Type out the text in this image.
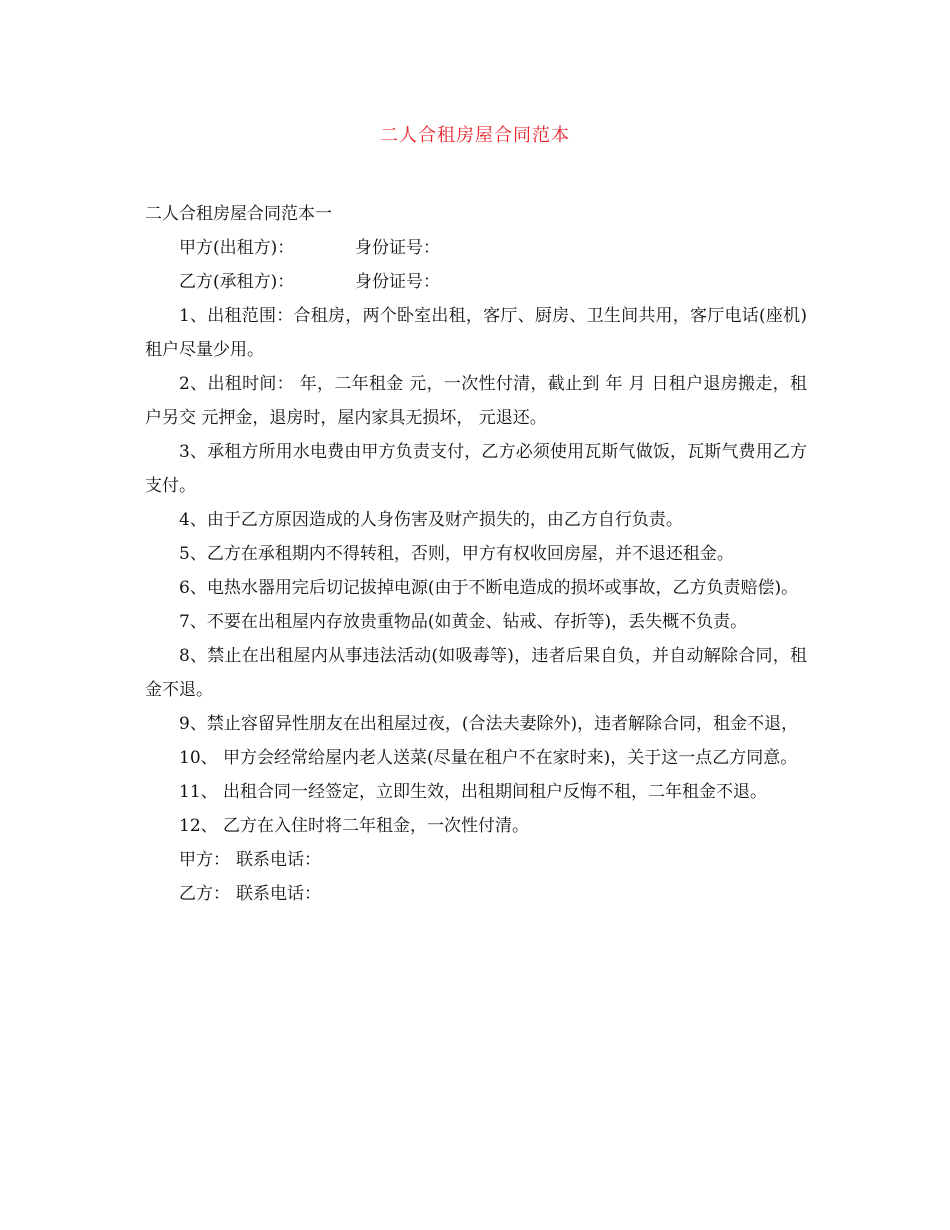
二人合租房屋合同范本

二人合租房屋合同范本一

甲方(出租方)：	身份证号：
乙方(承租方)：	身份证号：

1、出租范围：合租房，两个卧室出租，客厅、厨房、卫生间共用，客厅电话(座机)租户尽量少用。

2、出租时间： 年，二年租金 元，一次性付清，截止到 年 月 日租户退房搬走，租户另交 元押金，退房时，屋内家具无损坏， 元退还。

3、承租方所用水电费由甲方负责支付，乙方必须使用瓦斯气做饭，瓦斯气费用乙方支付。

4、由于乙方原因造成的人身伤害及财产损失的，由乙方自行负责。

5、乙方在承租期内不得转租，否则，甲方有权收回房屋，并不退还租金。

6、电热水器用完后切记拔掉电源(由于不断电造成的损坏或事故，乙方负责赔偿)。

7、不要在出租屋内存放贵重物品(如黄金、钻戒、存折等)，丢失概不负责。

8、禁止在出租屋内从事违法活动(如吸毒等)，违者后果自负，并自动解除合同，租金不退。

9、禁止容留异性朋友在出租屋过夜，(合法夫妻除外)，违者解除合同，租金不退，

10、 甲方会经常给屋内老人送菜(尽量在租户不在家时来)，关于这一点乙方同意。

11、 出租合同一经签定，立即生效，出租期间租户反悔不租，二年租金不退。

12、 乙方在入住时将二年租金，一次性付清。

甲方： 联系电话：
乙方： 联系电话：
